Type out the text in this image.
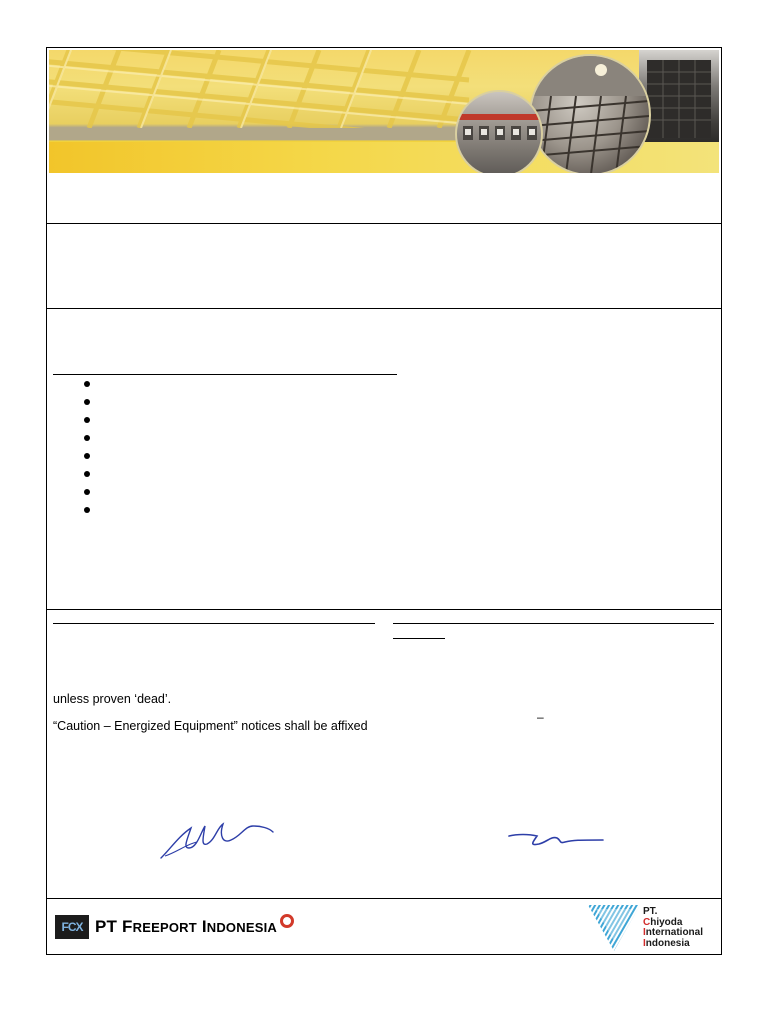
unless proven ‘dead’.
“Caution – Energized Equipment” notices shall be affixed
–
FCX PT FREEPORT INDONESIA
PT.
Chiyoda
International
Indonesia
